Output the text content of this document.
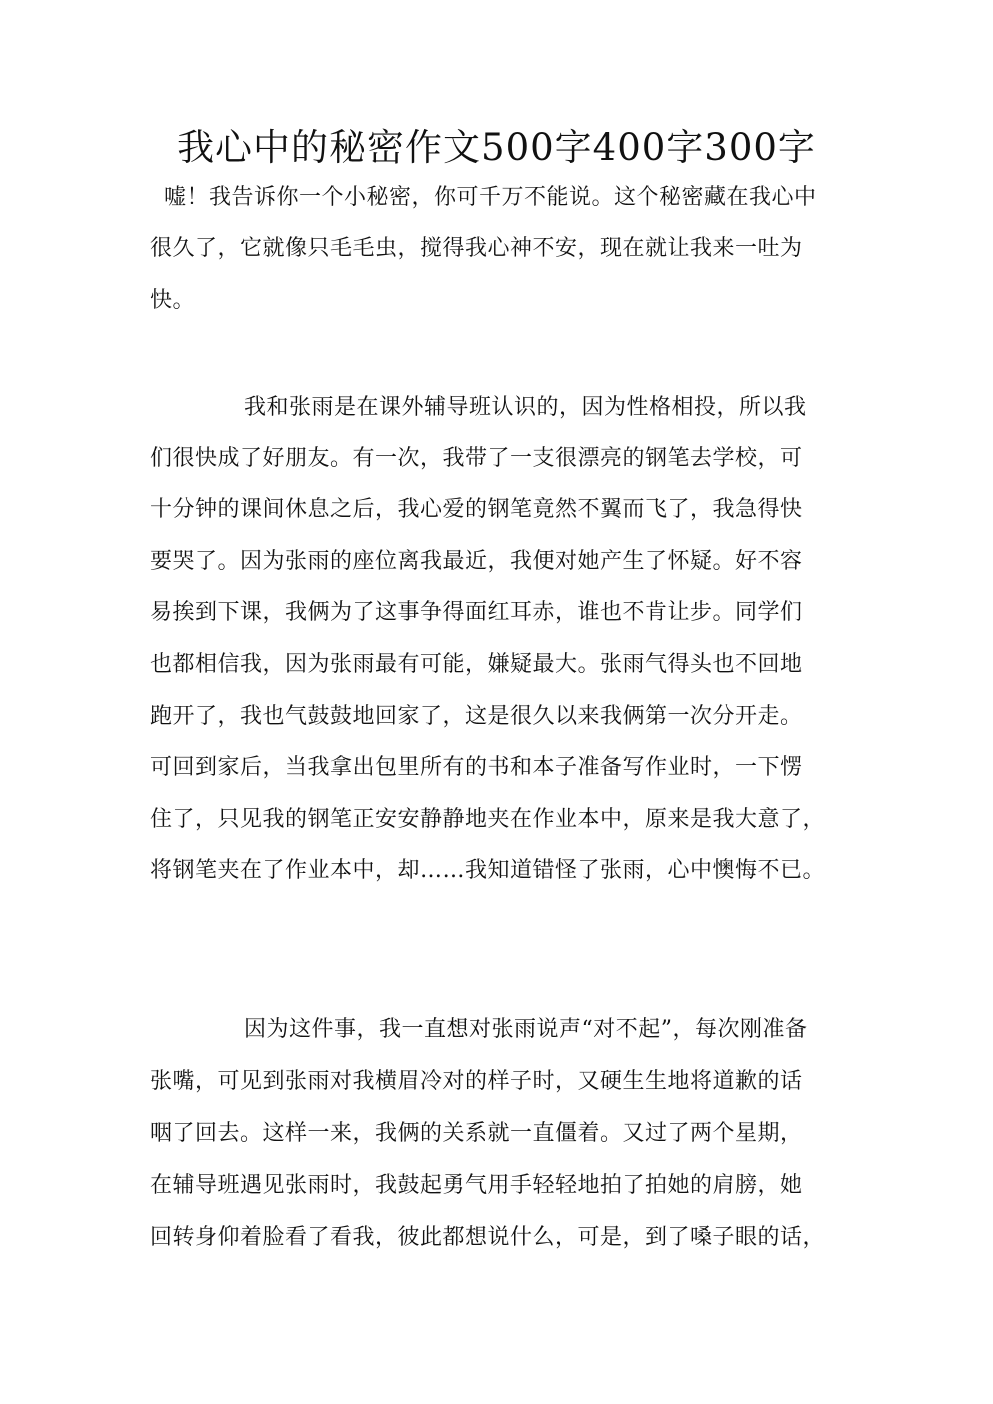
我心中的秘密作文500字400字300字

嘘！我告诉你一个小秘密，你可千万不能说。这个秘密藏在我心中

很久了，它就像只毛毛虫，搅得我心神不安，现在就让我来一吐为

快。

我和张雨是在课外辅导班认识的，因为性格相投，所以我

们很快成了好朋友。有一次，我带了一支很漂亮的钢笔去学校，可

十分钟的课间休息之后，我心爱的钢笔竟然不翼而飞了，我急得快

要哭了。因为张雨的座位离我最近，我便对她产生了怀疑。好不容

易挨到下课，我俩为了这事争得面红耳赤，谁也不肯让步。同学们

也都相信我，因为张雨最有可能，嫌疑最大。张雨气得头也不回地

跑开了，我也气鼓鼓地回家了，这是很久以来我俩第一次分开走。

可回到家后，当我拿出包里所有的书和本子准备写作业时，一下愣

住了，只见我的钢笔正安安静静地夹在作业本中，原来是我大意了，

将钢笔夹在了作业本中，却……我知道错怪了张雨，心中懊悔不已。

因为这件事，我一直想对张雨说声“对不起”，每次刚准备

张嘴，可见到张雨对我横眉冷对的样子时，又硬生生地将道歉的话

咽了回去。这样一来，我俩的关系就一直僵着。又过了两个星期，

在辅导班遇见张雨时，我鼓起勇气用手轻轻地拍了拍她的肩膀，她

回转身仰着脸看了看我，彼此都想说什么，可是，到了嗓子眼的话，
